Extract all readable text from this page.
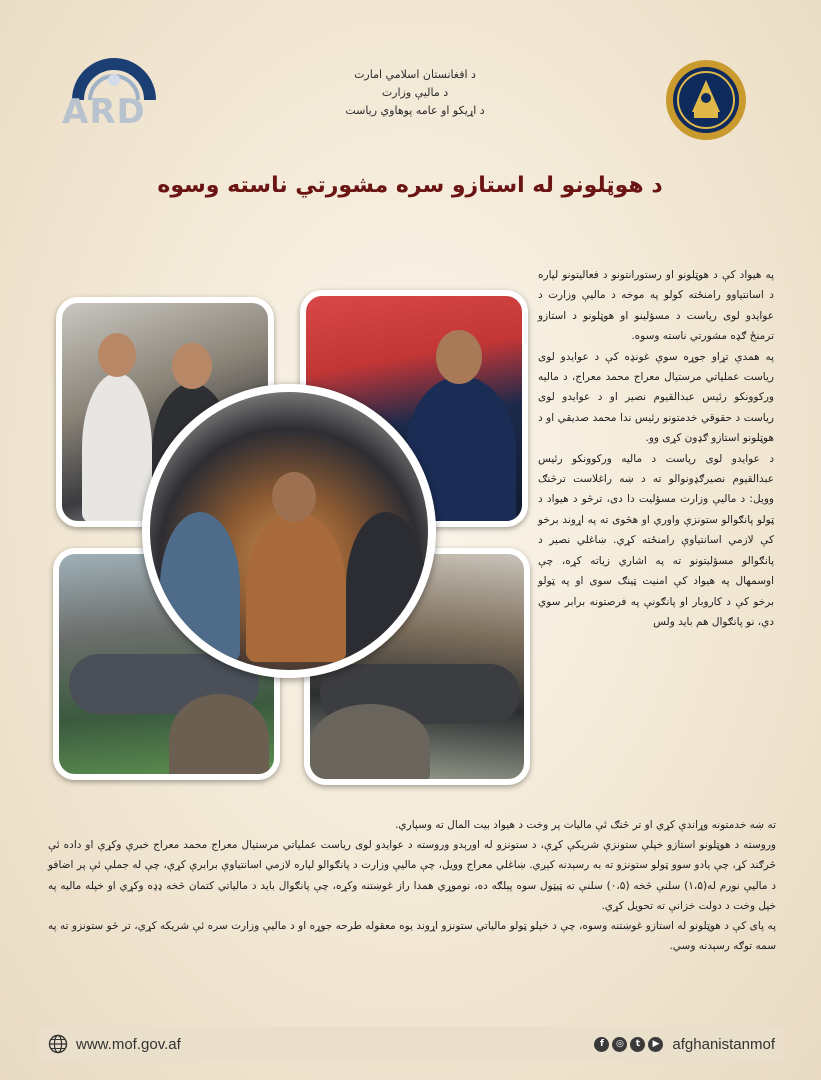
ARD
د افغانستان اسلامي امارت
د مالیې وزارت
د اړیکو او عامه پوهاوي ریاست
د هوټلونو له استازو سره مشورتي ناسته وسوه

په هیواد کې د هوټلونو او رستورانتونو د فعالیتونو لپاره د اسانتیاوو رامنځته کولو په موخه د مالیې وزارت د عوایدو لوی ریاست د مسؤلینو او هوټلونو د استازو ترمنځ ګډه مشورتي ناسته وسوه.

په همدې تړاو جوړه سوې غونډه کې د عوایدو لوی ریاست عملیاتي مرستیال معراج محمد معراج، د مالیه ورکوونکو رئیس عبدالقیوم نصیر او د عوایدو لوی ریاست د حقوقي خدمتونو رئیس ندا محمد صدیقي او د هوټلونو استازو ګډون کړی وو.

د عوایدو لوی ریاست د مالیه ورکوونکو رئیس عبدالقیوم نصیرګډونوالو ته د ښه راغلاست ترڅنګ وویل: د مالیې وزارت مسؤلیت دا دی، ترڅو د هیواد د ټولو پانګوالو ستونزې واوري او هڅوی ته په اړوند برخو کې لازمي اسانتیاوې رامنځته کړي. ښاغلي نصیر د پانګوالو مسؤلیتونو ته په اشاري زیاته کړه، چې اوسمهال په هیواد کې امنیت ټینګ سوی او په ټولو برخو کې د کاروبار او پانګونې په فرصتونه برابر سوي دي، نو پانګوال هم باید ولس

ته ښه خدمتونه وړاندې کړي او تر څنګ ئې مالیات پر وخت د هیواد بیت المال ته وسپاري.

وروسته د هوټلونو استازو خپلې ستونزې شریکې کړې، د ستونزو له اورېدو وروسته د عوایدو لوی ریاست عملیاتي مرستیال معراج محمد معراج خبرې وکړې او داده ئې څرګند کړ، چې یادو سوو ټولو ستونزو ته به رسېدنه کېږي. ښاغلي معراج وویل، چې مالیې وزارت د پانګوالو لپاره لازمي اسانتیاوې برابرې کړې، چې له جملې ئې پر اضافو د مالیې نورم له(۱،۵) سلنې څخه (۰،۵) سلنې ته ټیټول سوه پېلګه ده، نوموړي همدا راز غوښتنه وکړه، چې پانګوال باید د مالیاتي کتمان څخه ډډه وکړي او خپله مالیه په خپل وخت د دولت خزانې ته تحویل کړي.

په پای کې د هوټلونو له استازو غوښتنه وسوه، چې د خپلو ټولو مالیاتي ستونزو اړوند یوه معقوله طرحه جوړه او د مالیې وزارت سره ئې شریکه کړي، تر څو ستونزو ته په سمه توګه رسېدنه وسي.

www.mof.gov.af	f	◎	t	▶ afghanistanmof
